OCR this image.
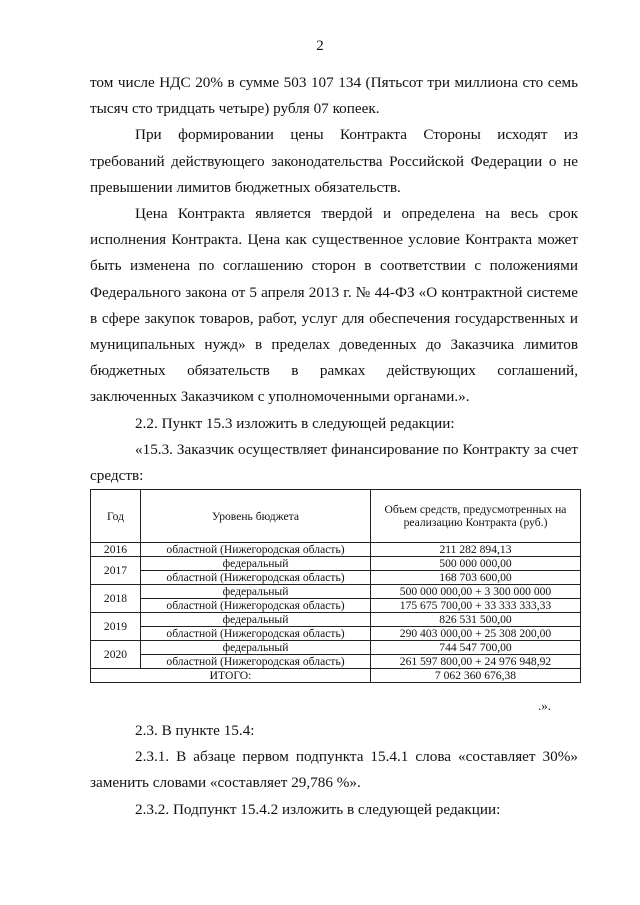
2

том числе НДС 20% в сумме 503 107 134 (Пятьсот три миллиона сто семь тысяч сто тридцать четыре) рубля 07 копеек.

При формировании цены Контракта Стороны исходят из требований действующего законодательства Российской Федерации о не превышении лимитов бюджетных обязательств.

Цена Контракта является твердой и определена на весь срок исполнения Контракта. Цена как существенное условие Контракта может быть изменена по соглашению сторон в соответствии с положениями Федерального закона от 5 апреля 2013 г. № 44-ФЗ «О контрактной системе в сфере закупок товаров, работ, услуг для обеспечения государственных и муниципальных нужд» в пределах доведенных до Заказчика лимитов бюджетных обязательств в рамках действующих соглашений, заключенных Заказчиком с уполномоченными органами.».

2.2. Пункт 15.3 изложить в следующей редакции:

«15.3. Заказчик осуществляет финансирование по Контракту за счет средств:

Год	Уровень бюджета	Объем средств, предусмотренных на реализацию Контракта (руб.)
2016	областной (Нижегородская область)	211 282 894,13
2017	федеральный	500 000 000,00
	областной (Нижегородская область)	168 703 600,00
2018	федеральный	500 000 000,00 + 3 300 000 000
	областной (Нижегородская область)	175 675 700,00 + 33 333 333,33
2019	федеральный	826 531 500,00
	областной (Нижегородская область)	290 403 000,00 + 25 308 200,00
2020	федеральный	744 547 700,00
	областной (Нижегородская область)	261 597 800,00 + 24 976 948,92
ИТОГО:		7 062 360 676,38
.».

2.3. В пункте 15.4:

2.3.1. В абзаце первом подпункта 15.4.1 слова «составляет 30%» заменить словами «составляет 29,786 %».

2.3.2. Подпункт 15.4.2 изложить в следующей редакции:
